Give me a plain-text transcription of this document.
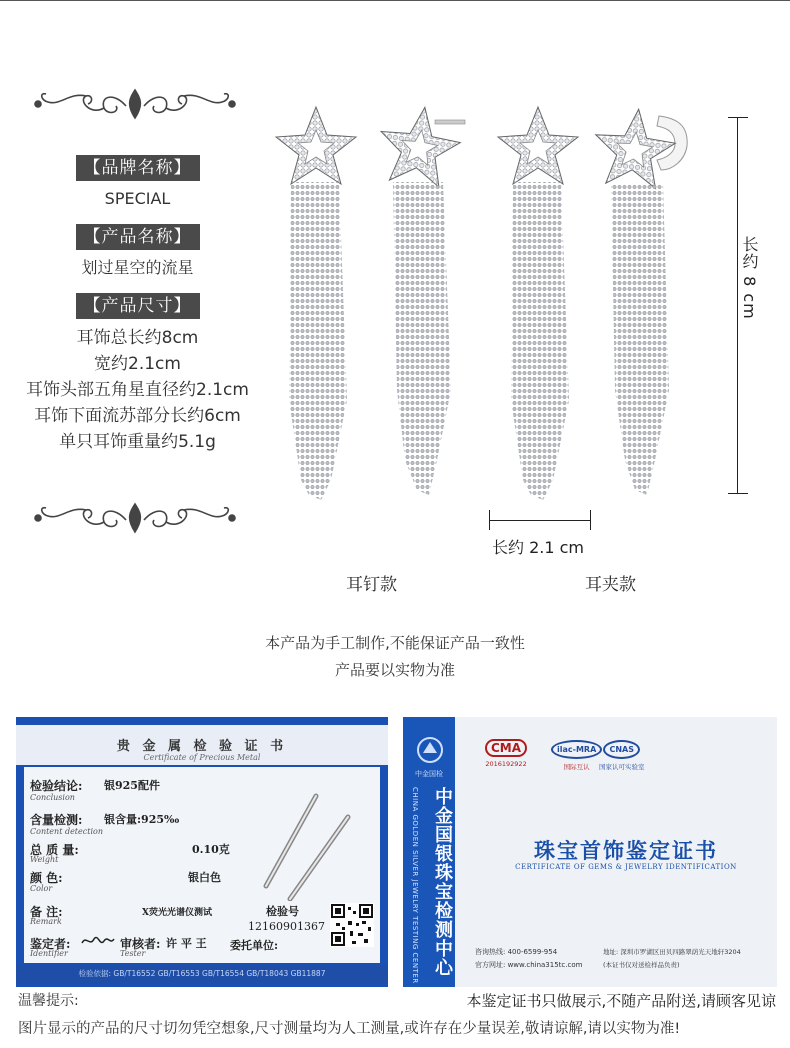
【品牌名称】
SPECIAL
【产品名称】
划过星空的流星
【产品尺寸】
耳饰总长约8cm
宽约2.1cm
耳饰头部五角星直径约2.1cm
耳饰下面流苏部分长约6cm
单只耳饰重量约5.1g
长约 8 cm
长约 2.1 cm
耳钉款	耳夹款
本产品为手工制作,不能保证产品一致性
产品要以实物为准
贵 金 属 检 验 证 书
Certificate of Precious Metal
检验结论: 银925配件
Conclusion
含量检测: 银含量:925‰
Content detection
总 质 量:	0.10克
Weight
颜 色:	银白色
Color
备 注:	X荧光光谱仪测试
Remark
检验号
12160901367
鉴定者:
Identifier
审核者: 许 平 王
Tester
委托单位:
检验依据: GB/T16552 GB/T16553 GB/T16554 GB/T18043 GB11887
中金国检
中金国银珠宝检测中心
CHINA GOLDEN SILVER JEWELRY TESTING CENTER
CMA
2016192922
ilac-MRA
国际互认
CNAS
国家认可实验室
珠宝首饰鉴定证书
CERTIFICATE OF GEMS & JEWELRY IDENTIFICATION
咨询热线: 400-6599-954
官方网址: www.china315tc.com
地址: 深圳市罗湖区田贝四路翠荫光天地轩3204
(本证书仅对送检样品负责)
温馨提示:	本鉴定证书只做展示,不随产品附送,请顾客见谅
图片显示的产品的尺寸切勿凭空想象,尺寸测量均为人工测量,或许存在少量误差,敬请谅解,请以实物为准!
